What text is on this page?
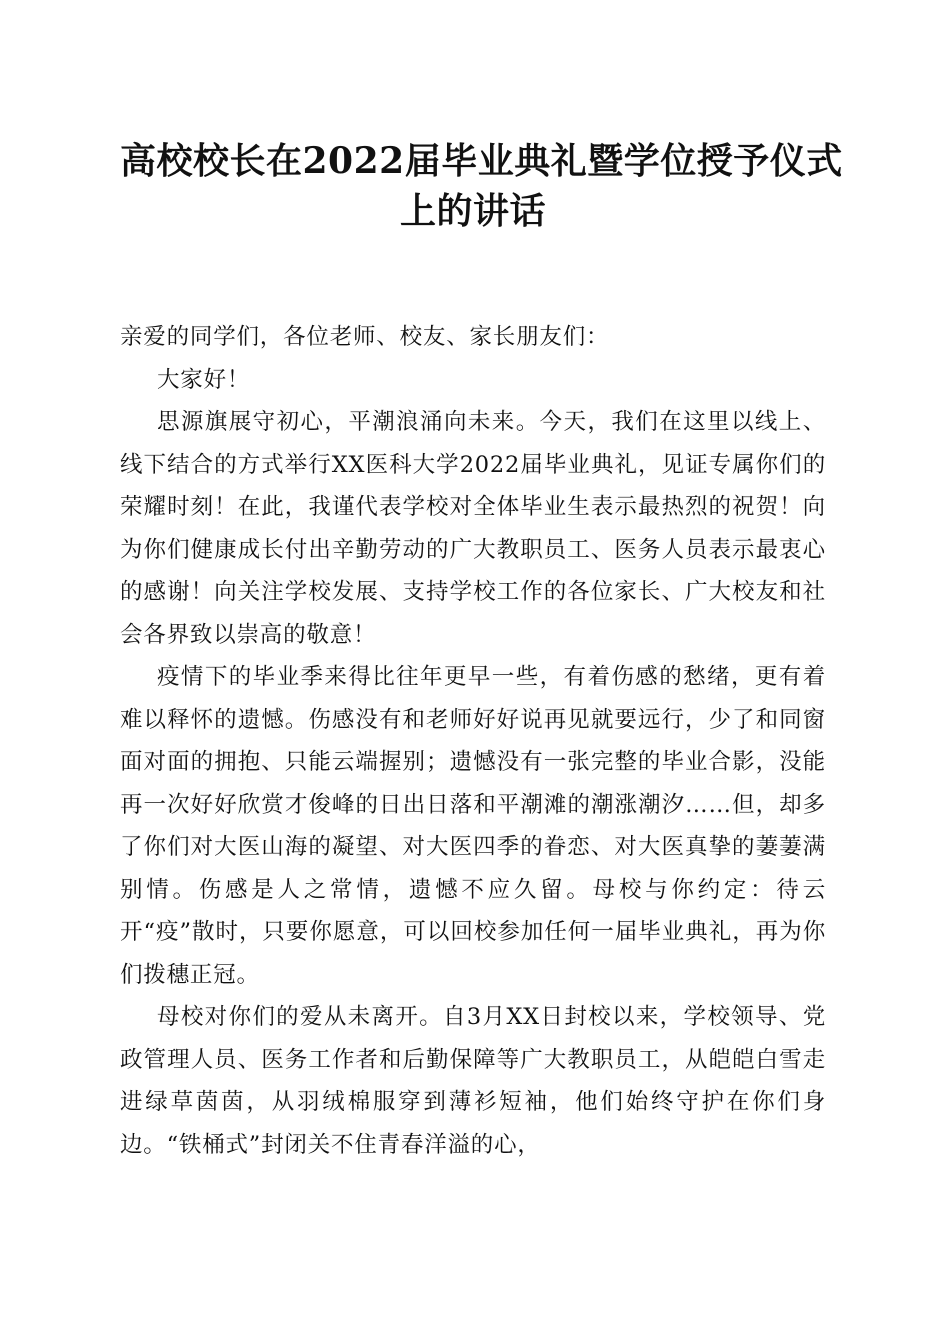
高校校长在2022届毕业典礼暨学位授予仪式
上的讲话

亲爱的同学们，各位老师、校友、家长朋友们：

大家好！

思源旗展守初心，平潮浪涌向未来。今天，我们在这里以线上、线下结合的方式举行XX医科大学2022届毕业典礼，见证专属你们的荣耀时刻！在此，我谨代表学校对全体毕业生表示最热烈的祝贺！向为你们健康成长付出辛勤劳动的广大教职员工、医务人员表示最衷心的感谢！向关注学校发展、支持学校工作的各位家长、广大校友和社会各界致以崇高的敬意！

疫情下的毕业季来得比往年更早一些，有着伤感的愁绪，更有着难以释怀的遗憾。伤感没有和老师好好说再见就要远行，少了和同窗面对面的拥抱、只能云端握别；遗憾没有一张完整的毕业合影，没能再一次好好欣赏才俊峰的日出日落和平潮滩的潮涨潮汐……但，却多了你们对大医山海的凝望、对大医四季的眷恋、对大医真挚的萋萋满别情。伤感是人之常情，遗憾不应久留。母校与你约定：待云开“疫”散时，只要你愿意，可以回校参加任何一届毕业典礼，再为你们拨穗正冠。

母校对你们的爱从未离开。自3月XX日封校以来，学校领导、党政管理人员、医务工作者和后勤保障等广大教职员工，从皑皑白雪走进绿草茵茵，从羽绒棉服穿到薄衫短袖，他们始终守护在你们身边。“铁桶式”封闭关不住青春洋溢的心，
